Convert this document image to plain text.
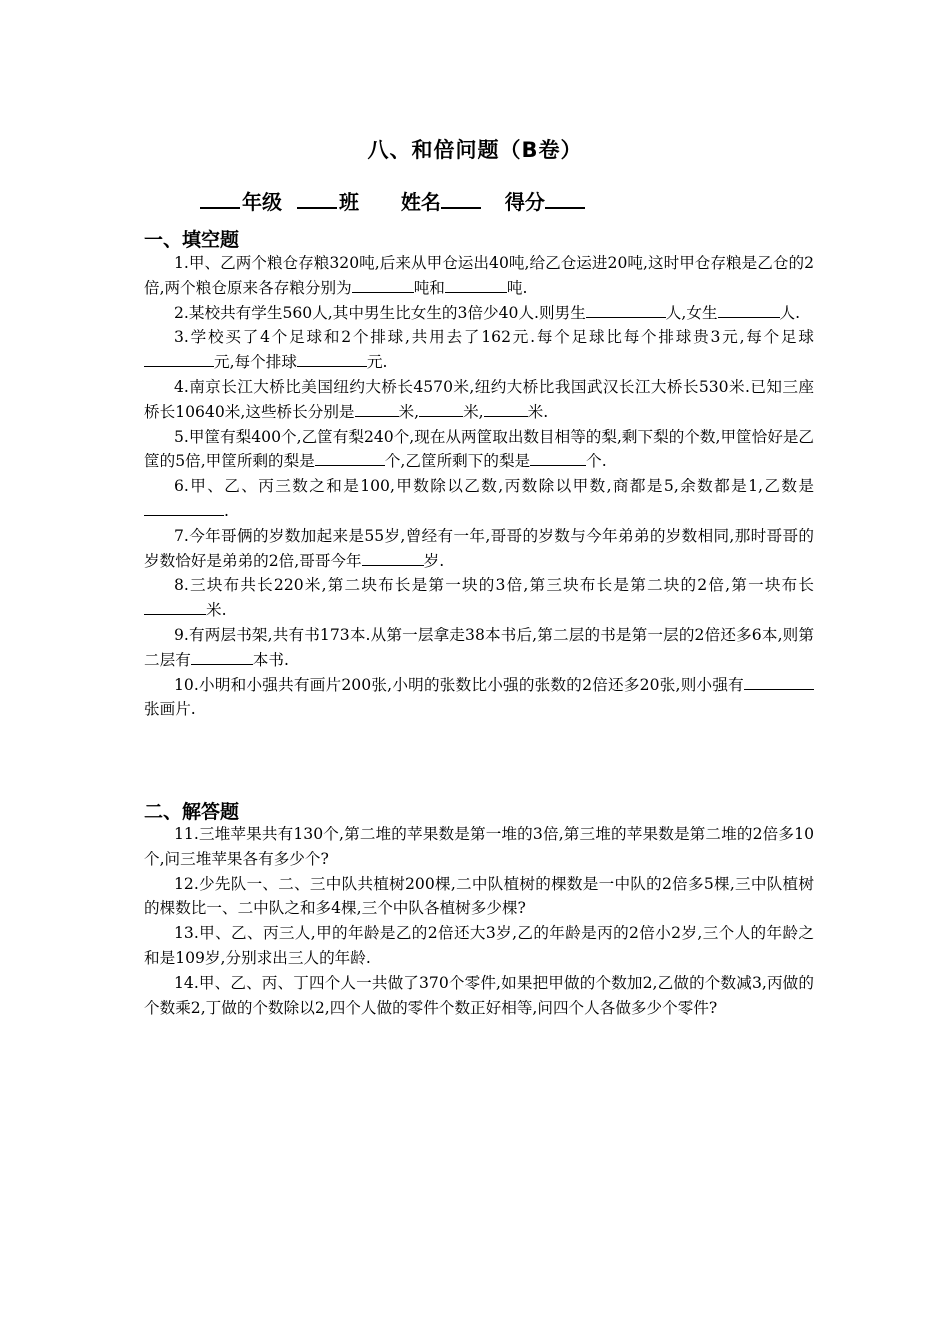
八、和倍问题（B卷）
年级	班 姓名	得分
一、填空题

1.甲、乙两个粮仓存粮320吨,后来从甲仓运出40吨,给乙仓运进20吨,这时甲仓存粮是乙仓的2倍,两个粮仓原来各存粮分别为	吨和	吨.

2.某校共有学生560人,其中男生比女生的3倍少40人.则男生	人,女生	人.

3.学校买了4个足球和2个排球,共用去了162元.每个足球比每个排球贵3元,每个足球元,每个排球	元.

4.南京长江大桥比美国纽约大桥长4570米,纽约大桥比我国武汉长江大桥长530米.已知三座桥长10640米,这些桥长分别是	米,	米,	米.

5.甲筐有梨400个,乙筐有梨240个,现在从两筐取出数目相等的梨,剩下梨的个数,甲筐恰好是乙筐的5倍,甲筐所剩的梨是	个,乙筐所剩下的梨是	个.

6.甲、乙、丙三数之和是100,甲数除以乙数,丙数除以甲数,商都是5,余数都是1,乙数是.

7.今年哥俩的岁数加起来是55岁,曾经有一年,哥哥的岁数与今年弟弟的岁数相同,那时哥哥的岁数恰好是弟弟的2倍,哥哥今年	岁.

8.三块布共长220米,第二块布长是第一块的3倍,第三块布长是第二块的2倍,第一块布长米.

9.有两层书架,共有书173本.从第一层拿走38本书后,第二层的书是第一层的2倍还多6本,则第二层有	本书.

10.小明和小强共有画片200张,小明的张数比小强的张数的2倍还多20张,则小强有张画片.

二、解答题

11.三堆苹果共有130个,第二堆的苹果数是第一堆的3倍,第三堆的苹果数是第二堆的2倍多10个,问三堆苹果各有多少个?

12.少先队一、二、三中队共植树200棵,二中队植树的棵数是一中队的2倍多5棵,三中队植树的棵数比一、二中队之和多4棵,三个中队各植树多少棵?

13.甲、乙、丙三人,甲的年龄是乙的2倍还大3岁,乙的年龄是丙的2倍小2岁,三个人的年龄之和是109岁,分别求出三人的年龄.

14.甲、乙、丙、丁四个人一共做了370个零件,如果把甲做的个数加2,乙做的个数减3,丙做的个数乘2,丁做的个数除以2,四个人做的零件个数正好相等,问四个人各做多少个零件?
